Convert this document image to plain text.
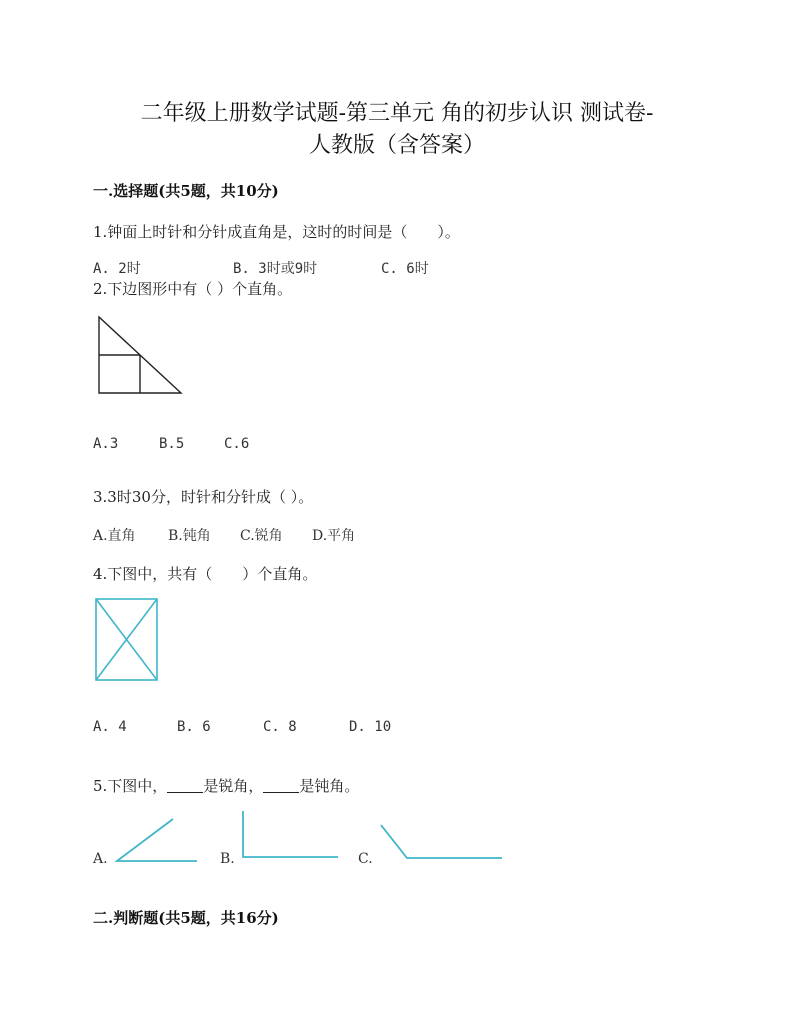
二年级上册数学试题-第三单元 角的初步认识 测试卷-
人教版（含答案）
一.选择题(共5题，共10分)
1.钟面上时针和分针成直角是，这时的时间是（　　）。
A. 2时	B. 3时或9时	C. 6时
2.下边图形中有（ ）个直角。
A.3	B.5	C.6
3.3时30分，时针和分针成（ ）。
A.直角 B.钝角 C.锐角 D.平角
4.下图中，共有（　　）个直角。
A. 4	B. 6	C. 8	D. 10
5.下图中， 是锐角， 是钝角。
A.	B.	C.
二.判断题(共5题，共16分)
